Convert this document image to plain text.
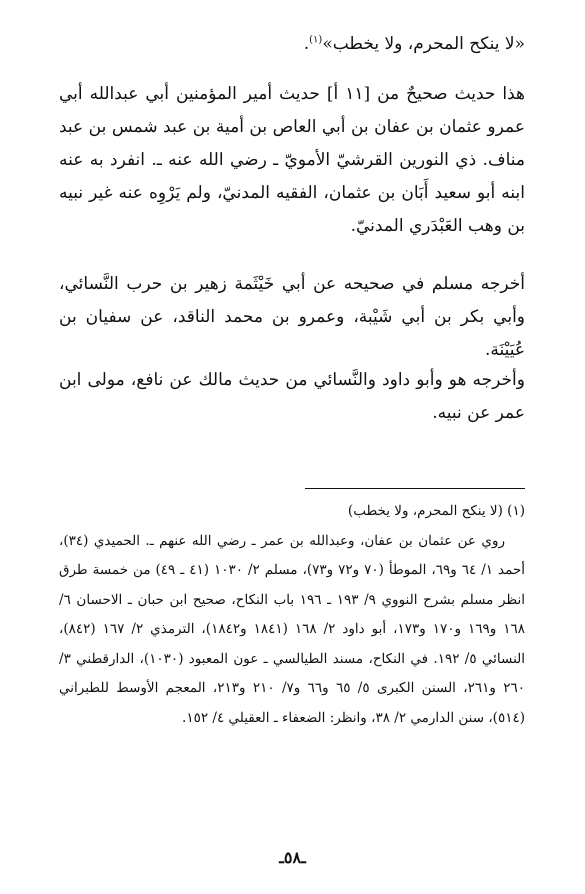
«لا ينكح المحرم، ولا يخطب»$^{(١)}$.

هذا حديث صحيحٌ من [١١ أ] حديث أمير المؤمنين أبي عبدالله أبي عمرو عثمان بن عفان بن أبي العاص بن أمية بن عبد شمس بن عبد مناف. ذي النورين القرشيّ الأمويّ ـ رضي الله عنه ـ. انفرد به عنه ابنه أبو سعيد أَبَان بن عثمان، الفقيه المدنيّ، ولم يَرْوِه عنه غير نبيه بن وهب العَبْدَري المدنيّ.

أخرجه مسلم في صحيحه عن أبي خَيْثَمة زهير بن حرب النَّسائي، وأبي بكر بن أبي شَيْبة، وعمرو بن محمد الناقد، عن سفيان بن عُيَيْنَة.

وأخرجه هو وأبو داود والنَّسائي من حديث مالك عن نافع، مولى ابن عمر عن نبيه.

(١) (لا ينكح المحرم، ولا يخطب)

روي عن عثمان بن عفان، وعبدالله بن عمر ـ رضي الله عنهم ـ. الحميدي (٣٤)، أحمد ١/ ٦٤ و٦٩، الموطأ (٧٠ و٧٢ و٧٣)، مسلم ٢/ ١٠٣٠ (٤١ ـ ٤٩) من خمسة طرق انظر مسلم بشرح النووي ٩/ ١٩٣ ـ ١٩٦ باب النكاح، صحيح ابن حبان ـ الاحسان ٦/ ١٦٨ و١٦٩ و١٧٠ و١٧٣، أبو داود ٢/ ١٦٨ (١٨٤١ و١٨٤٢)، الترمذي ٢/ ١٦٧ (٨٤٢)، النسائي ٥/ ١٩٢. في النكاح، مسند الطيالسي ـ عون المعبود (١٠٣٠)، الدارقطني ٣/ ٢٦٠ و٢٦١، السنن الكبرى ٥/ ٦٥ و٦٦ و٧/ ٢١٠ و٢١٣، المعجم الأوسط للطبراني (٥١٤)، سنن الدارمي ٢/ ٣٨، وانظر: الضعفاء ـ العقيلي ٤/ ١٥٢.

ـ٥٨ـ
